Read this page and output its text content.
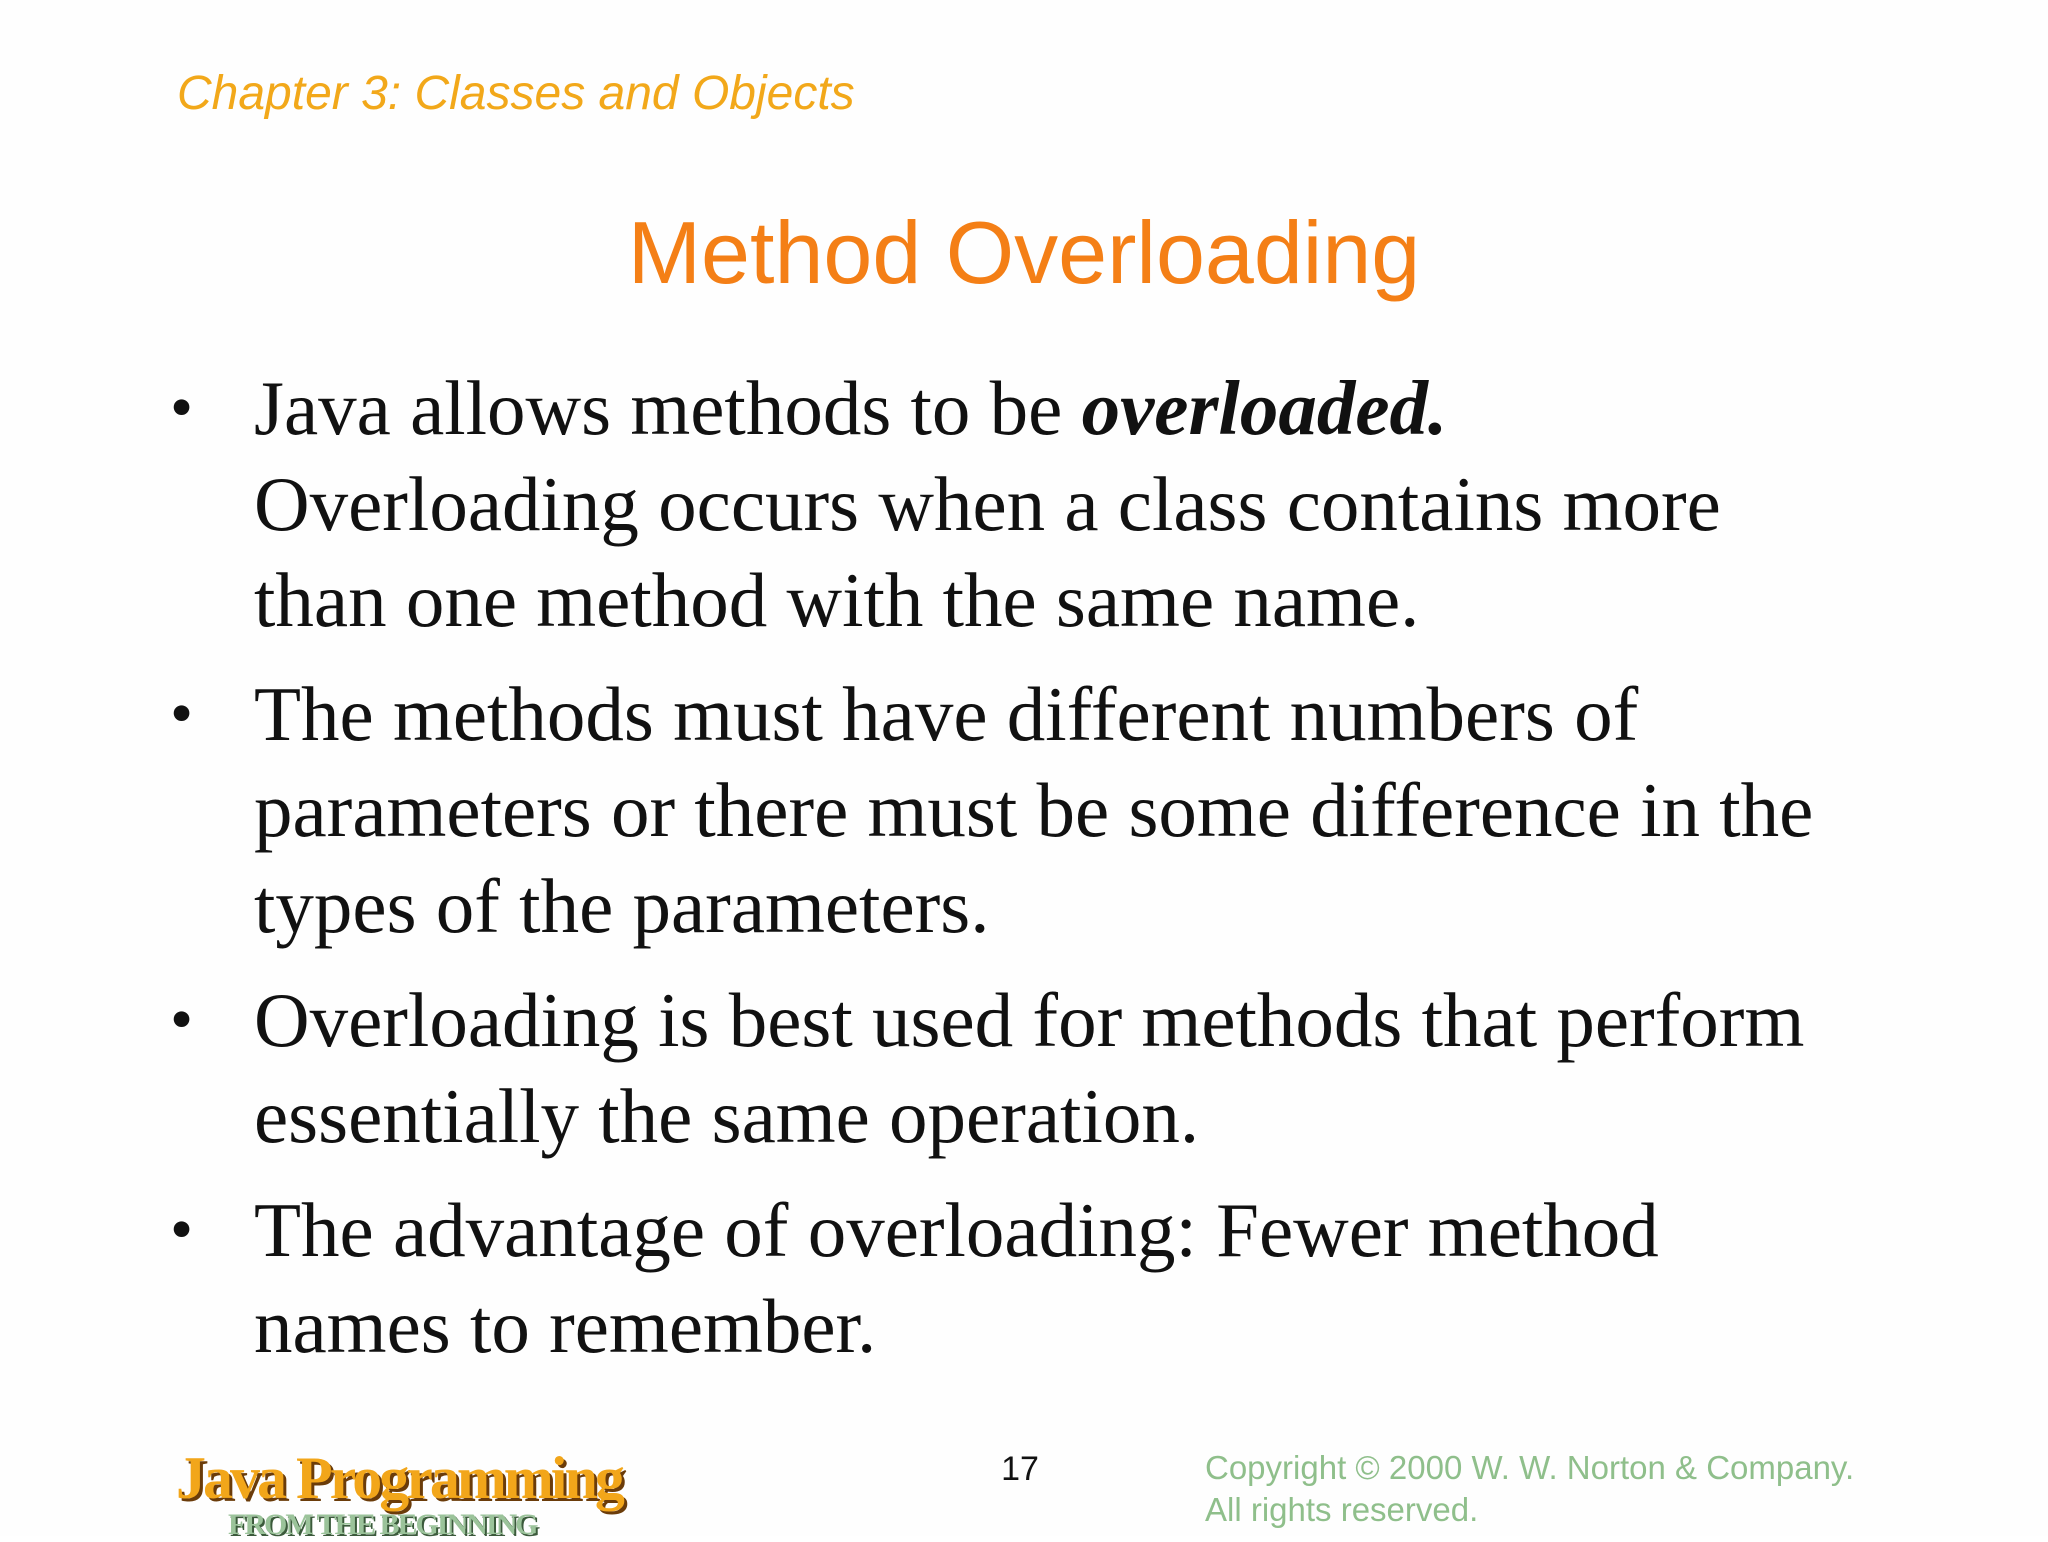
Chapter 3: Classes and Objects
Method Overloading
• Java allows methods to be overloaded.
Overloading occurs when a class contains more
than one method with the same name.
• The methods must have different numbers of
parameters or there must be some difference in the
types of the parameters.
• Overloading is best used for methods that perform
essentially the same operation.
• The advantage of overloading: Fewer method
names to remember.
Java Programming
FROM THE BEGINNING
17	Copyright © 2000 W. W. Norton & Company.
All rights reserved.
